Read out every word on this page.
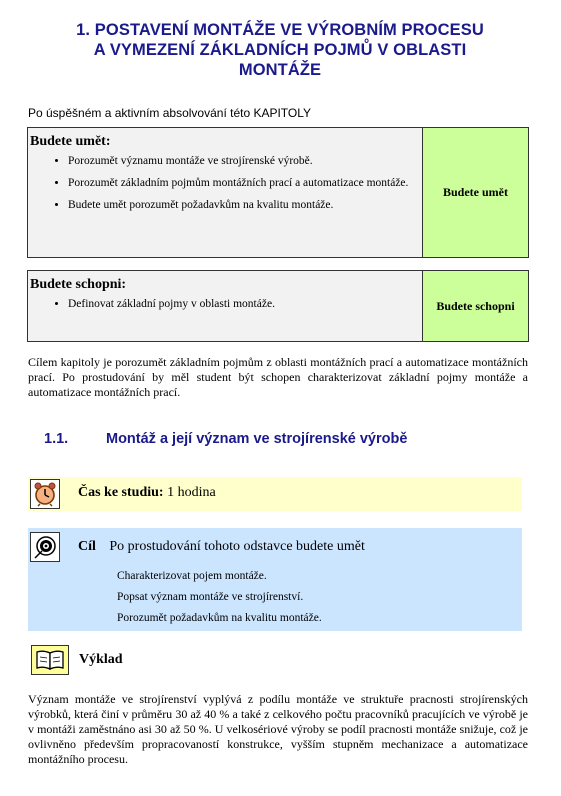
1. POSTAVENÍ MONTÁŽE VE VÝROBNÍM PROCESU
A VYMEZENÍ ZÁKLADNÍCH POJMŮ V OBLASTI
MONTÁŽE
Po úspěšném a aktivním absolvování této KAPITOLY
Budete umět:
• Porozumět významu montáže ve strojírenské výrobě.
• Porozumět základním pojmům montážních prací a automatizace montáže.
• Budete umět porozumět požadavkům na kvalitu montáže.
Budete umět
Budete schopni:
• Definovat základní pojmy v oblasti montáže.	Budete schopni
Cílem kapitoly je porozumět základním pojmům z oblasti montážních prací a automatizace montážních prací. Po prostudování by měl student být schopen charakterizovat základní pojmy montáže a automatizace montážních prací.
1.1.	Montáž a její význam ve strojírenské výrobě
Čas ke studiu: 1 hodina
Cíl Po prostudování tohoto odstavce budete umět
Charakterizovat pojem montáže.
Popsat význam montáže ve strojírenství.
Porozumět požadavkům na kvalitu montáže.
Výklad
Význam montáže ve strojírenství vyplývá z podílu montáže ve struktuře pracnosti strojírenských výrobků, která činí v průměru 30 až 40 % a také z celkového počtu pracovníků pracujících ve výrobě je v montáži zaměstnáno asi 30 až 50 %. U velkosériové výroby se podíl pracnosti montáže snižuje, což je ovlivněno především propracovaností konstrukce, vyšším stupněm mechanizace a automatizace montážního procesu.
